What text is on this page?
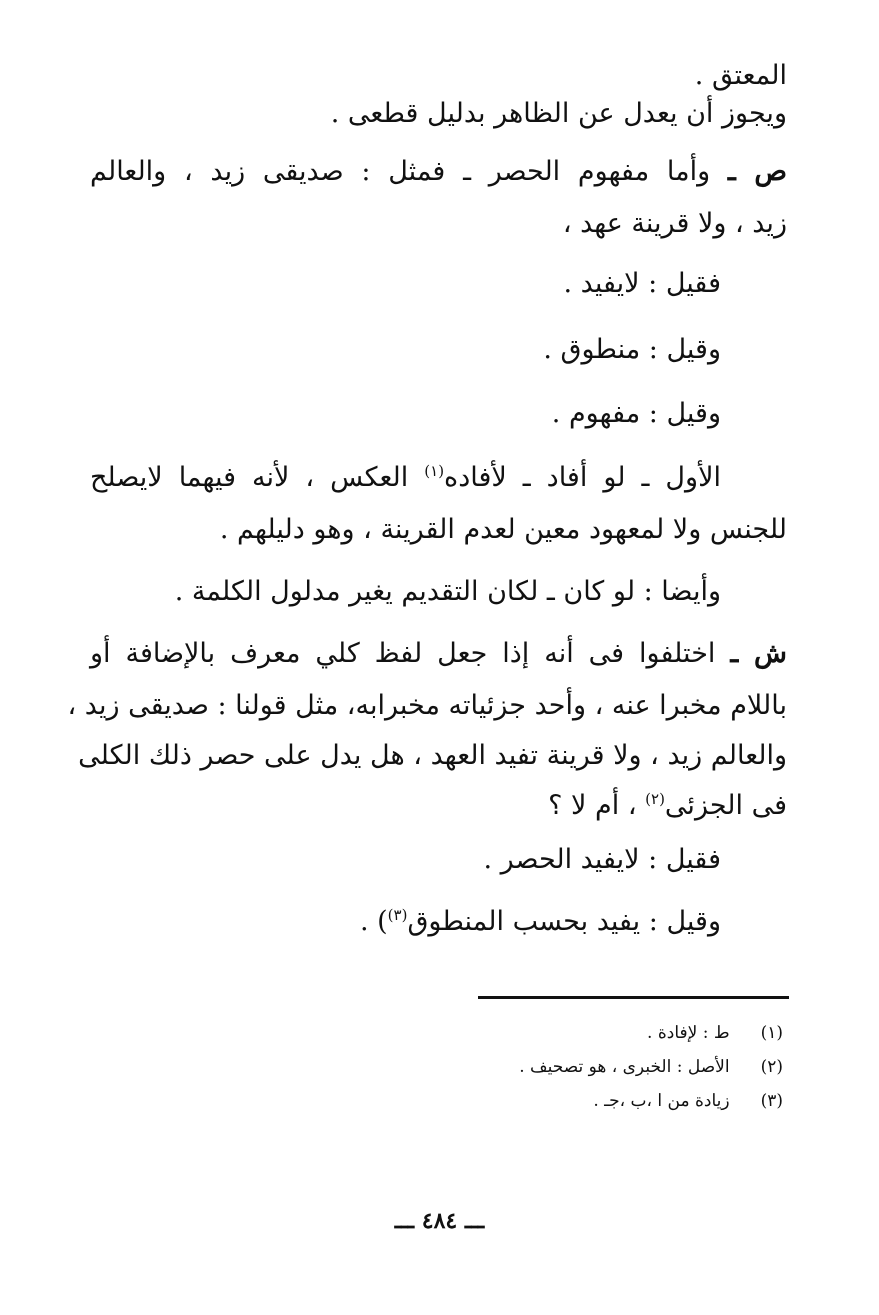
المعتق .
ويجوز أن يعدل عن الظاهر بدليل قطعى .
ص ـ وأما مفهوم الحصر ـ فمثل : صديقى زيد ، والعالم
زيد ، ولا قرينة عهد ،
فقيل : لايفيد .
وقيل : منطوق .
وقيل : مفهوم .
الأول ـ لو أفاد ـ لأفاده$^{(١)}$ العكس ، لأنه فيهما لايصلح
للجنس ولا لمعهود معين لعدم القرينة ، وهو دليلهم .
وأيضا : لو كان ـ لكان التقديم يغير مدلول الكلمة .
ش ـ اختلفوا فى أنه إذا جعل لفظ كلي معرف بالإضافة أو
باللام مخبرا عنه ، وأحد جزئياته مخبرابه، مثل قولنا : صديقى زيد ،
والعالم زيد ، ولا قرينة تفيد العهد ، هل يدل على حصر ذلك الكلى
فى الجزئى$^{(٢)}$ ، أم لا ؟
فقيل : لايفيد الحصر .
وقيل : يفيد بحسب المنطوق$^{(٣)}$) .
(١) ط : لإفادة .
(٢) الأصل : الخبرى ، هو تصحيف .
(٣) زيادة من ا ،ب ،جـ .
ـــ ٤٨٤ ـــ
